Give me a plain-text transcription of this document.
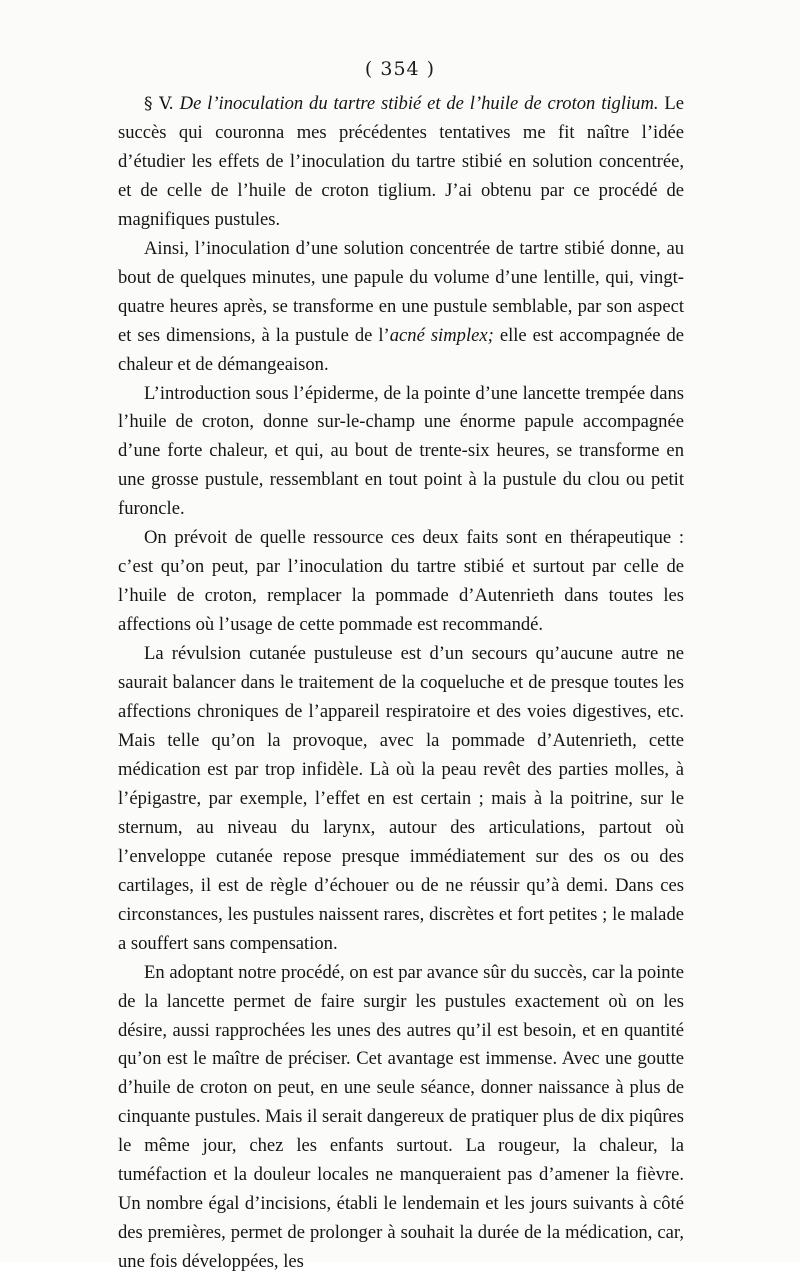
( 354 )

§ V. De l’inoculation du tartre stibié et de l’huile de croton tiglium. Le succès qui couronna mes précédentes tentatives me fit naître l’idée d’étudier les effets de l’inoculation du tartre stibié en solution concentrée, et de celle de l’huile de croton tiglium. J’ai obtenu par ce procédé de magnifiques pustules.

Ainsi, l’inoculation d’une solution concentrée de tartre stibié donne, au bout de quelques minutes, une papule du volume d’une lentille, qui, vingt-quatre heures après, se transforme en une pustule semblable, par son aspect et ses dimensions, à la pustule de l’acné simplex; elle est accompagnée de chaleur et de démangeaison.

L’introduction sous l’épiderme, de la pointe d’une lancette trempée dans l’huile de croton, donne sur-le-champ une énorme papule accompagnée d’une forte chaleur, et qui, au bout de trente-six heures, se transforme en une grosse pustule, ressemblant en tout point à la pustule du clou ou petit furoncle.

On prévoit de quelle ressource ces deux faits sont en thérapeutique : c’est qu’on peut, par l’inoculation du tartre stibié et surtout par celle de l’huile de croton, remplacer la pommade d’Autenrieth dans toutes les affections où l’usage de cette pommade est recommandé.

La révulsion cutanée pustuleuse est d’un secours qu’aucune autre ne saurait balancer dans le traitement de la coqueluche et de presque toutes les affections chroniques de l’appareil respiratoire et des voies digestives, etc. Mais telle qu’on la provoque, avec la pommade d’Autenrieth, cette médication est par trop infidèle. Là où la peau revêt des parties molles, à l’épigastre, par exemple, l’effet en est certain ; mais à la poitrine, sur le sternum, au niveau du larynx, autour des articulations, partout où l’enveloppe cutanée repose presque immédiatement sur des os ou des cartilages, il est de règle d’échouer ou de ne réussir qu’à demi. Dans ces circonstances, les pustules naissent rares, discrètes et fort petites ; le malade a souffert sans compensation.

En adoptant notre procédé, on est par avance sûr du succès, car la pointe de la lancette permet de faire surgir les pustules exactement où on les désire, aussi rapprochées les unes des autres qu’il est besoin, et en quantité qu’on est le maître de préciser. Cet avantage est immense. Avec une goutte d’huile de croton on peut, en une seule séance, donner naissance à plus de cinquante pustules. Mais il serait dangereux de pratiquer plus de dix piqûres le même jour, chez les enfants surtout. La rougeur, la chaleur, la tuméfaction et la douleur locales ne manqueraient pas d’amener la fièvre. Un nombre égal d’incisions, établi le lendemain et les jours suivants à côté des premières, permet de prolonger à souhait la durée de la médication, car, une fois développées, les
